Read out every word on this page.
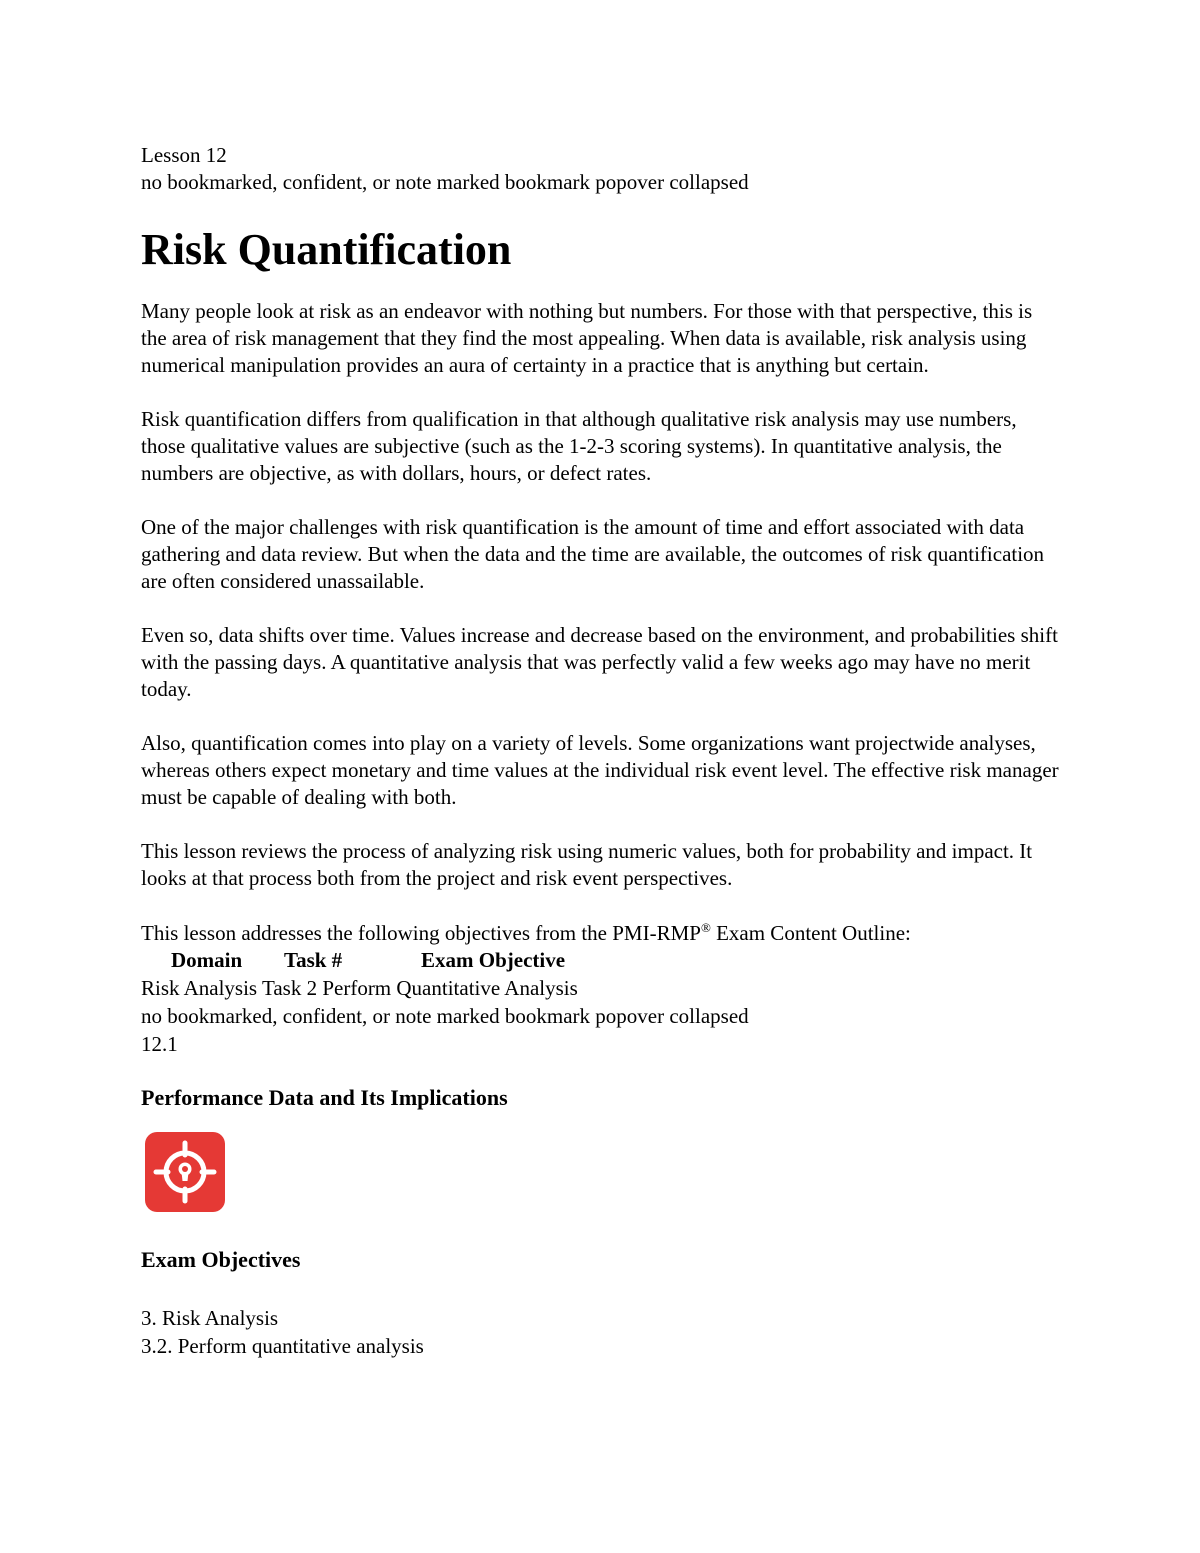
Lesson 12

no bookmarked, confident, or note marked bookmark popover collapsed

Risk Quantification

Many people look at risk as an endeavor with nothing but numbers. For those with that perspective, this is the area of risk management that they find the most appealing. When data is available, risk analysis using numerical manipulation provides an aura of certainty in a practice that is anything but certain.

Risk quantification differs from qualification in that although qualitative risk analysis may use numbers, those qualitative values are subjective (such as the 1-2-3 scoring systems). In quantitative analysis, the numbers are objective, as with dollars, hours, or defect rates.

One of the major challenges with risk quantification is the amount of time and effort associated with data gathering and data review. But when the data and the time are available, the outcomes of risk quantification are often considered unassailable.

Even so, data shifts over time. Values increase and decrease based on the environment, and probabilities shift with the passing days. A quantitative analysis that was perfectly valid a few weeks ago may have no merit today.

Also, quantification comes into play on a variety of levels. Some organizations want projectwide analyses, whereas others expect monetary and time values at the individual risk event level. The effective risk manager must be capable of dealing with both.

This lesson reviews the process of analyzing risk using numeric values, both for probability and impact. It looks at that process both from the project and risk event perspectives.

This lesson addresses the following objectives from the PMI-RMP® Exam Content Outline:

Domain	Task #	Exam Objective

Risk Analysis Task 2 Perform Quantitative Analysis

no bookmarked, confident, or note marked bookmark popover collapsed

12.1

Performance Data and Its Implications
Exam Objectives

3. Risk Analysis

3.2. Perform quantitative analysis
